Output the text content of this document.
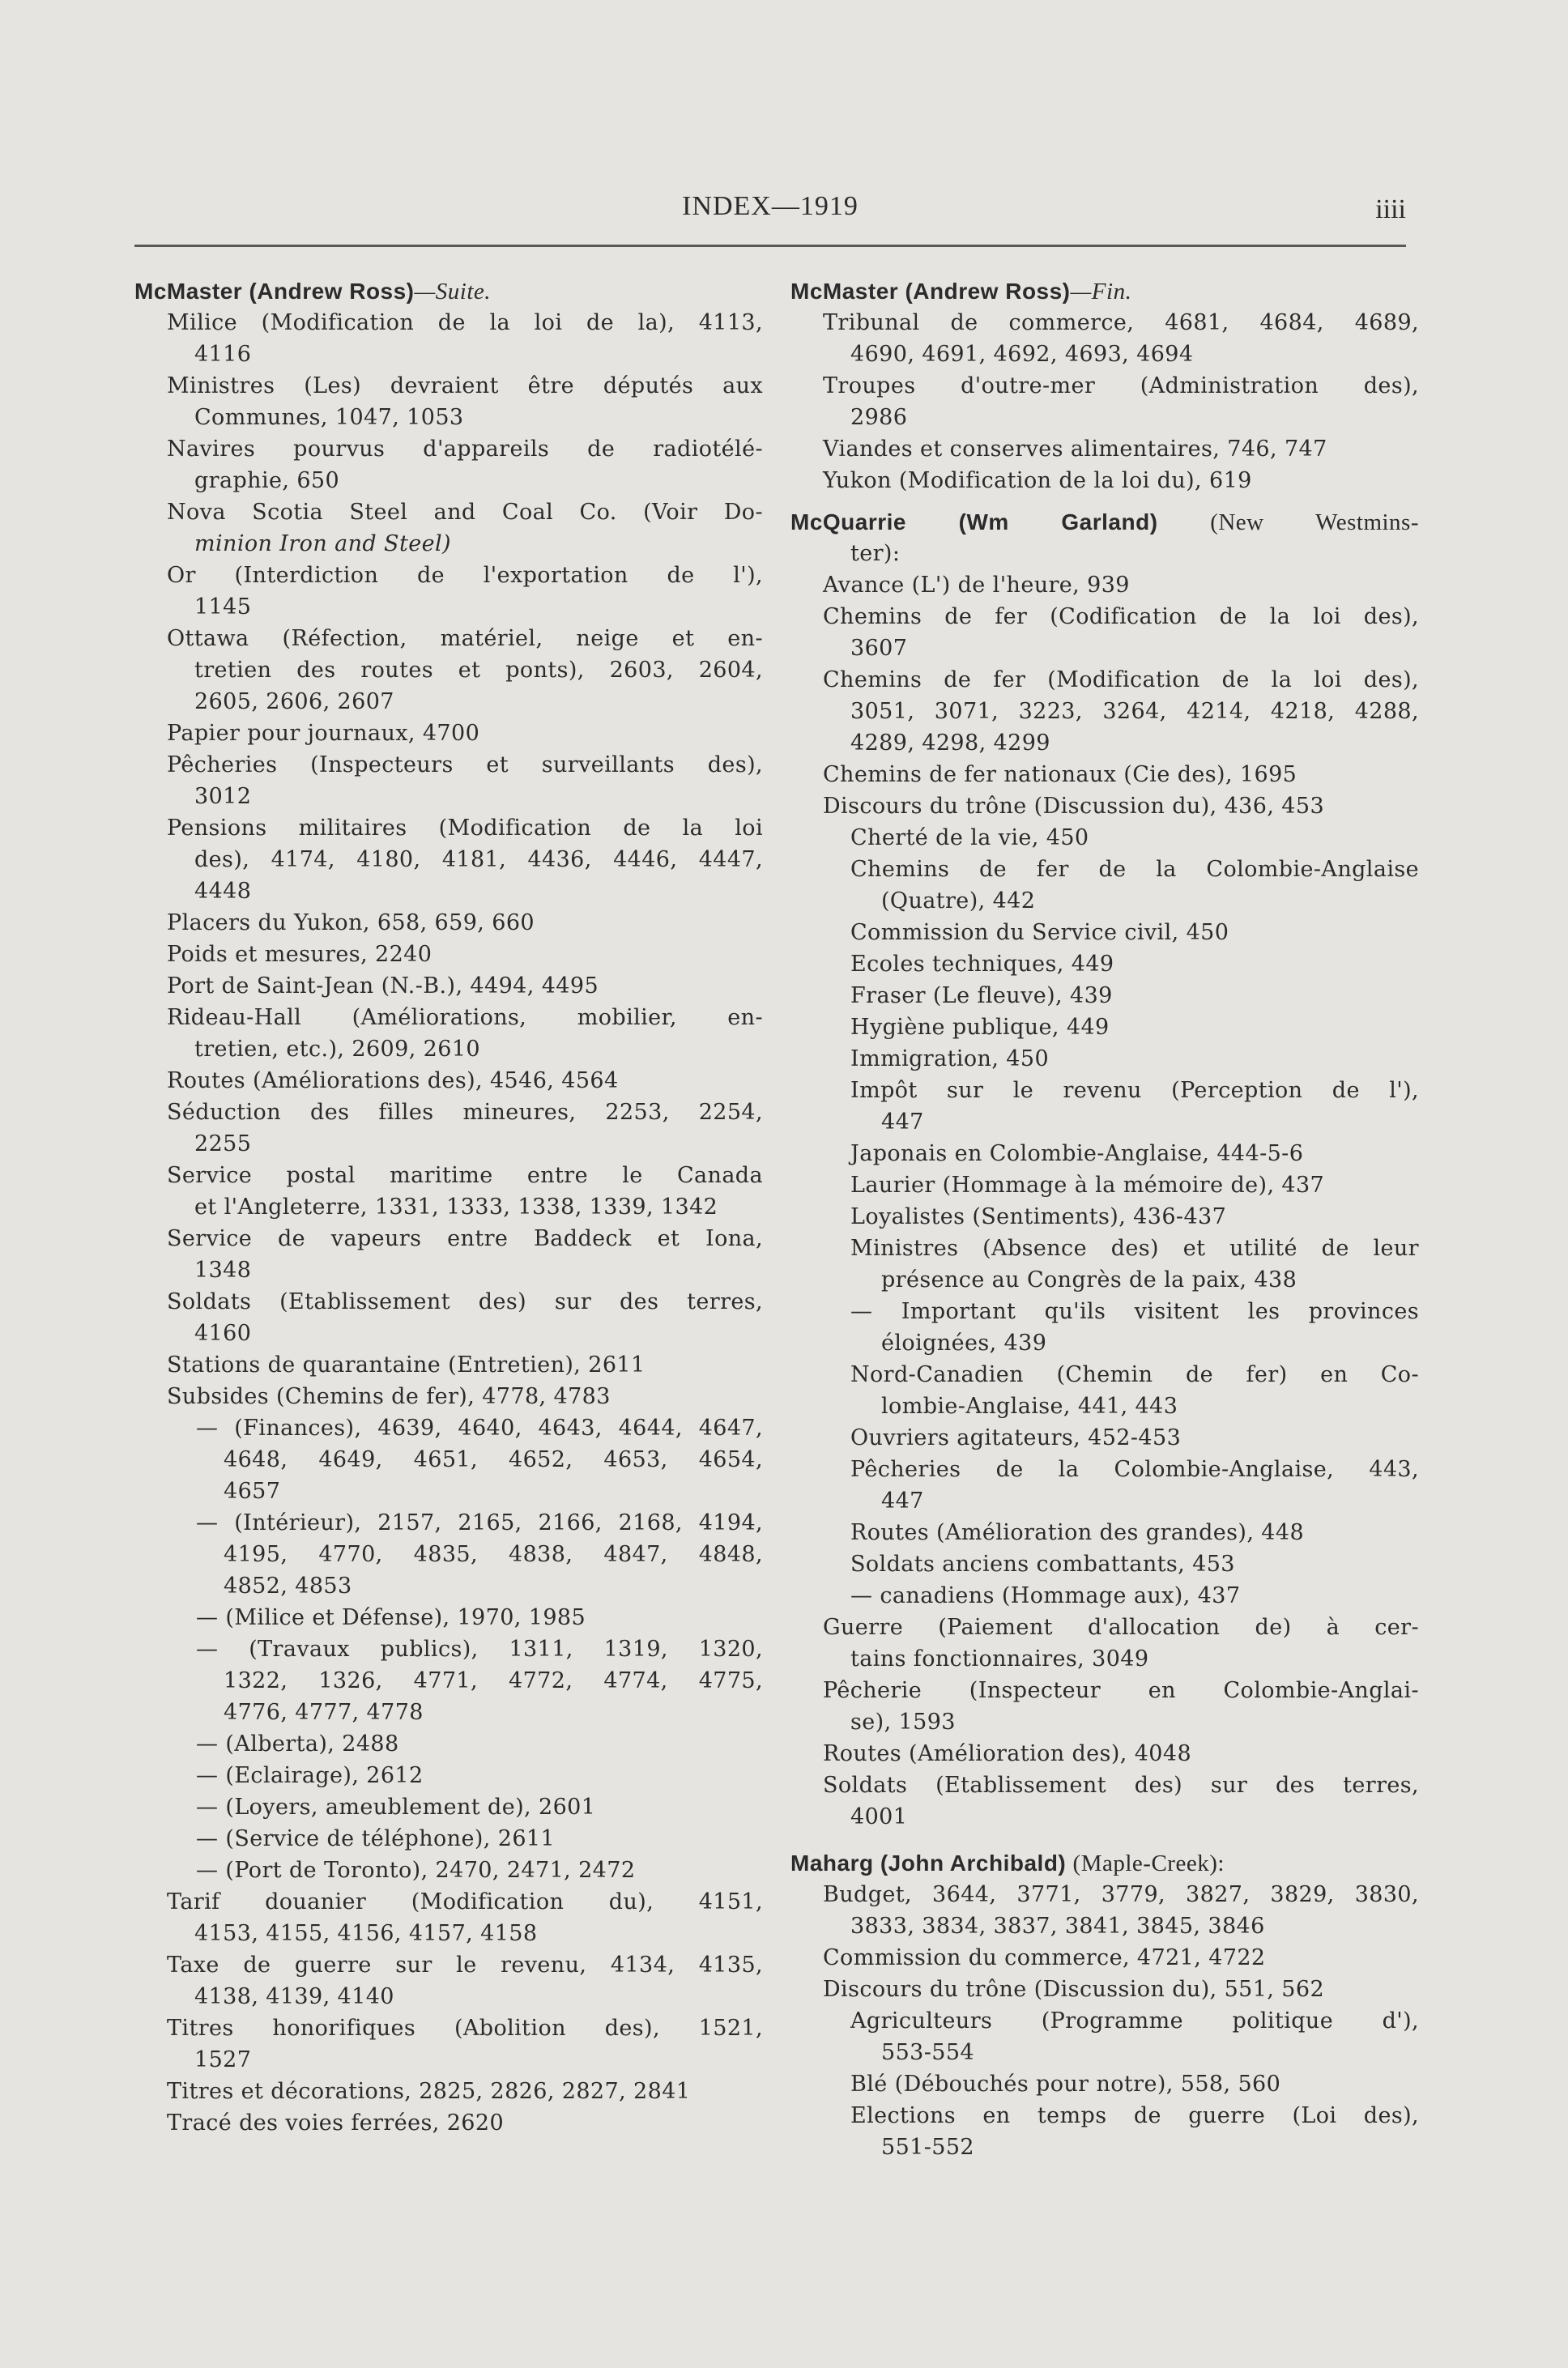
INDEX—1919	iiii
McMaster (Andrew Ross)—Suite.
Milice (Modification de la loi de la), 4113,
4116
Ministres (Les) devraient être députés aux
Communes, 1047, 1053
Navires pourvus d'appareils de radiotélé-
graphie, 650
Nova Scotia Steel and Coal Co. (Voir Do-
minion Iron and Steel)
Or (Interdiction de l'exportation de l'),
1145
Ottawa (Réfection, matériel, neige et en-
tretien des routes et ponts), 2603, 2604,
2605, 2606, 2607
Papier pour journaux, 4700
Pêcheries (Inspecteurs et surveillants des),
3012
Pensions militaires (Modification de la loi
des), 4174, 4180, 4181, 4436, 4446, 4447,
4448
Placers du Yukon, 658, 659, 660
Poids et mesures, 2240
Port de Saint-Jean (N.-B.), 4494, 4495
Rideau-Hall (Améliorations, mobilier, en-
tretien, etc.), 2609, 2610
Routes (Améliorations des), 4546, 4564
Séduction des filles mineures, 2253, 2254,
2255
Service postal maritime entre le Canada
et l'Angleterre, 1331, 1333, 1338, 1339, 1342
Service de vapeurs entre Baddeck et Iona,
1348
Soldats (Etablissement des) sur des terres,
4160
Stations de quarantaine (Entretien), 2611
Subsides (Chemins de fer), 4778, 4783
— (Finances), 4639, 4640, 4643, 4644, 4647,
4648, 4649, 4651, 4652, 4653, 4654,
4657
— (Intérieur), 2157, 2165, 2166, 2168, 4194,
4195, 4770, 4835, 4838, 4847, 4848,
4852, 4853
— (Milice et Défense), 1970, 1985
— (Travaux publics), 1311, 1319, 1320,
1322, 1326, 4771, 4772, 4774, 4775,
4776, 4777, 4778
— (Alberta), 2488
— (Eclairage), 2612
— (Loyers, ameublement de), 2601
— (Service de téléphone), 2611
— (Port de Toronto), 2470, 2471, 2472
Tarif douanier (Modification du), 4151,
4153, 4155, 4156, 4157, 4158
Taxe de guerre sur le revenu, 4134, 4135,
4138, 4139, 4140
Titres honorifiques (Abolition des), 1521,
1527
Titres et décorations, 2825, 2826, 2827, 2841
Tracé des voies ferrées, 2620
McMaster (Andrew Ross)—Fin.
Tribunal de commerce, 4681, 4684, 4689,
4690, 4691, 4692, 4693, 4694
Troupes d'outre-mer (Administration des),
2986
Viandes et conserves alimentaires, 746, 747
Yukon (Modification de la loi du), 619
McQuarrie (Wm Garland) (New Westmins-
ter):
Avance (L') de l'heure, 939
Chemins de fer (Codification de la loi des),
3607
Chemins de fer (Modification de la loi des),
3051, 3071, 3223, 3264, 4214, 4218, 4288,
4289, 4298, 4299
Chemins de fer nationaux (Cie des), 1695
Discours du trône (Discussion du), 436, 453
Cherté de la vie, 450
Chemins de fer de la Colombie-Anglaise
(Quatre), 442
Commission du Service civil, 450
Ecoles techniques, 449
Fraser (Le fleuve), 439
Hygiène publique, 449
Immigration, 450
Impôt sur le revenu (Perception de l'),
447
Japonais en Colombie-Anglaise, 444-5-6
Laurier (Hommage à la mémoire de), 437
Loyalistes (Sentiments), 436-437
Ministres (Absence des) et utilité de leur
présence au Congrès de la paix, 438
— Important qu'ils visitent les provinces
éloignées, 439
Nord-Canadien (Chemin de fer) en Co-
lombie-Anglaise, 441, 443
Ouvriers agitateurs, 452-453
Pêcheries de la Colombie-Anglaise, 443,
447
Routes (Amélioration des grandes), 448
Soldats anciens combattants, 453
— canadiens (Hommage aux), 437
Guerre (Paiement d'allocation de) à cer-
tains fonctionnaires, 3049
Pêcherie (Inspecteur en Colombie-Anglai-
se), 1593
Routes (Amélioration des), 4048
Soldats (Etablissement des) sur des terres,
4001
Maharg (John Archibald) (Maple-Creek):
Budget, 3644, 3771, 3779, 3827, 3829, 3830,
3833, 3834, 3837, 3841, 3845, 3846
Commission du commerce, 4721, 4722
Discours du trône (Discussion du), 551, 562
Agriculteurs (Programme politique d'),
553-554
Blé (Débouchés pour notre), 558, 560
Elections en temps de guerre (Loi des),
551-552
